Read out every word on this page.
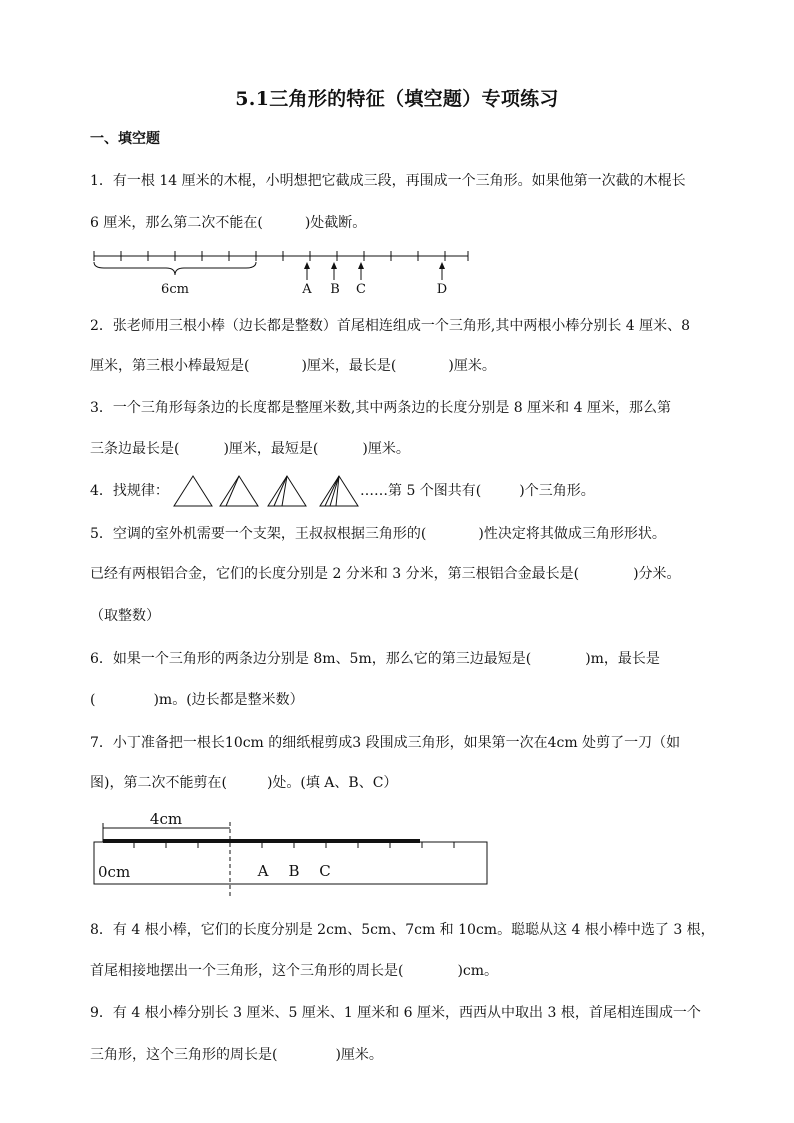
5.1三角形的特征（填空题）专项练习
一、填空题
1．有一根 14 厘米的木棍，小明想把它截成三段，再围成一个三角形。如果他第一次截的木棍长
6 厘米，那么第二次不能在(	)处截断。
6cm	A B C	D
2．张老师用三根小棒（边长都是整数）首尾相连组成一个三角形,其中两根小棒分别长 4 厘米、8
厘米，第三根小棒最短是(	)厘米，最长是(	)厘米。
3．一个三角形每条边的长度都是整厘米数,其中两条边的长度分别是 8 厘米和 4 厘米，那么第
三条边最长是(	)厘米，最短是(	)厘米。
4．找规律：	……第 5 个图共有(	)个三角形。
5．空调的室外机需要一个支架，王叔叔根据三角形的(	)性决定将其做成三角形形状。
已经有两根铝合金，它们的长度分别是 2 分米和 3 分米，第三根铝合金最长是(	)分米。
（取整数）
6．如果一个三角形的两条边分别是 8m、5m，那么它的第三边最短是(	)m，最长是
(	)m。(边长都是整米数）
7．小丁准备把一根长10cm 的细纸棍剪成3 段围成三角形，如果第一次在4cm 处剪了一刀（如
图)，第二次不能剪在(	)处。(填 A、B、C）
4cm
0cm	A B C
8．有 4 根小棒，它们的长度分别是 2cm、5cm、7cm 和 10cm。聪聪从这 4 根小棒中选了 3 根，
首尾相接地摆出一个三角形，这个三角形的周长是(	)cm。
9．有 4 根小棒分别长 3 厘米、5 厘米、1 厘米和 6 厘米，西西从中取出 3 根，首尾相连围成一个
三角形，这个三角形的周长是(	)厘米。
